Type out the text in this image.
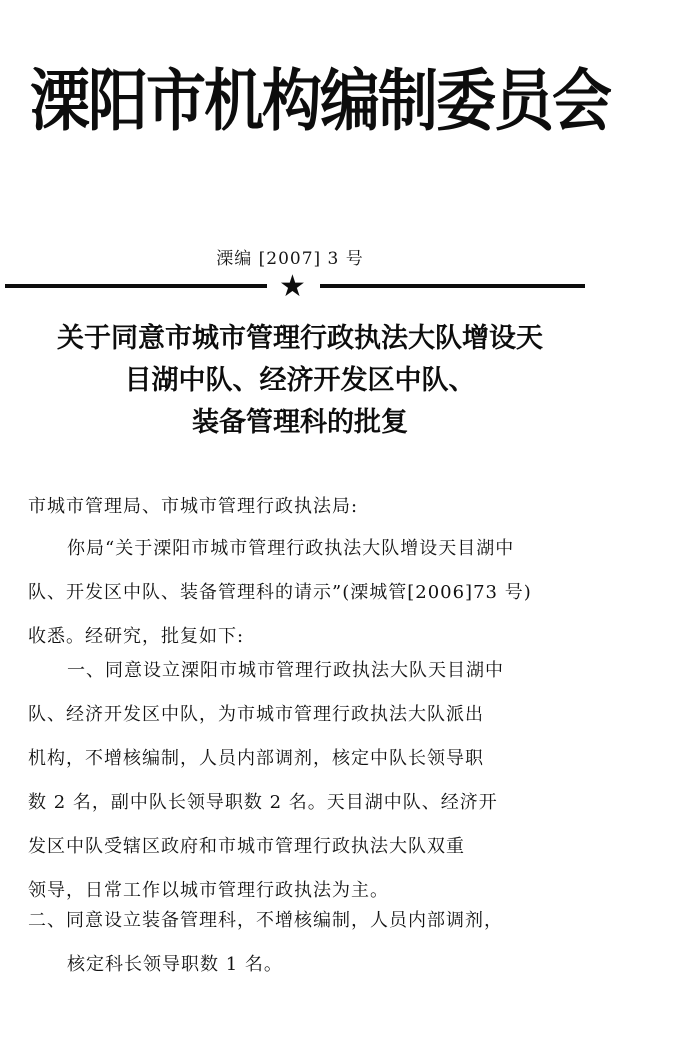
溧阳市机构编制委员会
溧编 [2007] 3 号
★
关于同意市城市管理行政执法大队增设天
目湖中队、经济开发区中队、
装备管理科的批复
市城市管理局、市城市管理行政执法局:
你局“关于溧阳市城市管理行政执法大队增设天目湖中
队、开发区中队、装备管理科的请示”(溧城管[2006]73 号)
收悉。经研究，批复如下:
一、同意设立溧阳市城市管理行政执法大队天目湖中
队、经济开发区中队，为市城市管理行政执法大队派出
机构，不增核编制，人员内部调剂，核定中队长领导职
数 2 名，副中队长领导职数 2 名。天目湖中队、经济开
发区中队受辖区政府和市城市管理行政执法大队双重
领导，日常工作以城市管理行政执法为主。
二、同意设立装备管理科，不增核编制，人员内部调剂，
核定科长领导职数 1 名。
